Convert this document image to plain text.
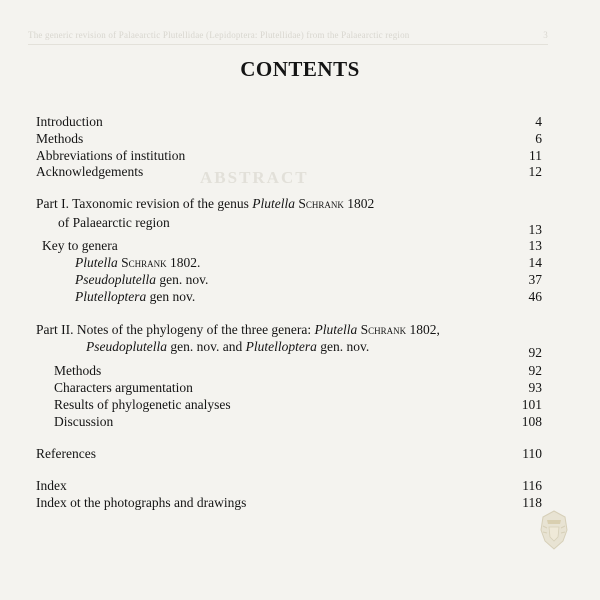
The generic revision of Palaearctic Plutellidae (Lepidoptera: Plutellidae) from the Palaearctic region	3
ABSTRACT
CONTENTS
Introduction	4
Methods	6
Abbreviations of institution	11
Acknowledgements	12
Part I. Taxonomic revision of the genus Plutella Schrank 1802
of Palaearctic region	13
Key to genera	13
Plutella Schrank 1802.	14
Pseudoplutella gen. nov.	37
Plutelloptera gen nov.	46
Part II. Notes of the phylogeny of the three genera: Plutella Schrank 1802,
Pseudoplutella gen. nov. and Plutelloptera gen. nov.	92
Methods	92
Characters argumentation	93
Results of phylogenetic analyses	101
Discussion	108
References	110
Index	116
Index ot the photographs and drawings	118
